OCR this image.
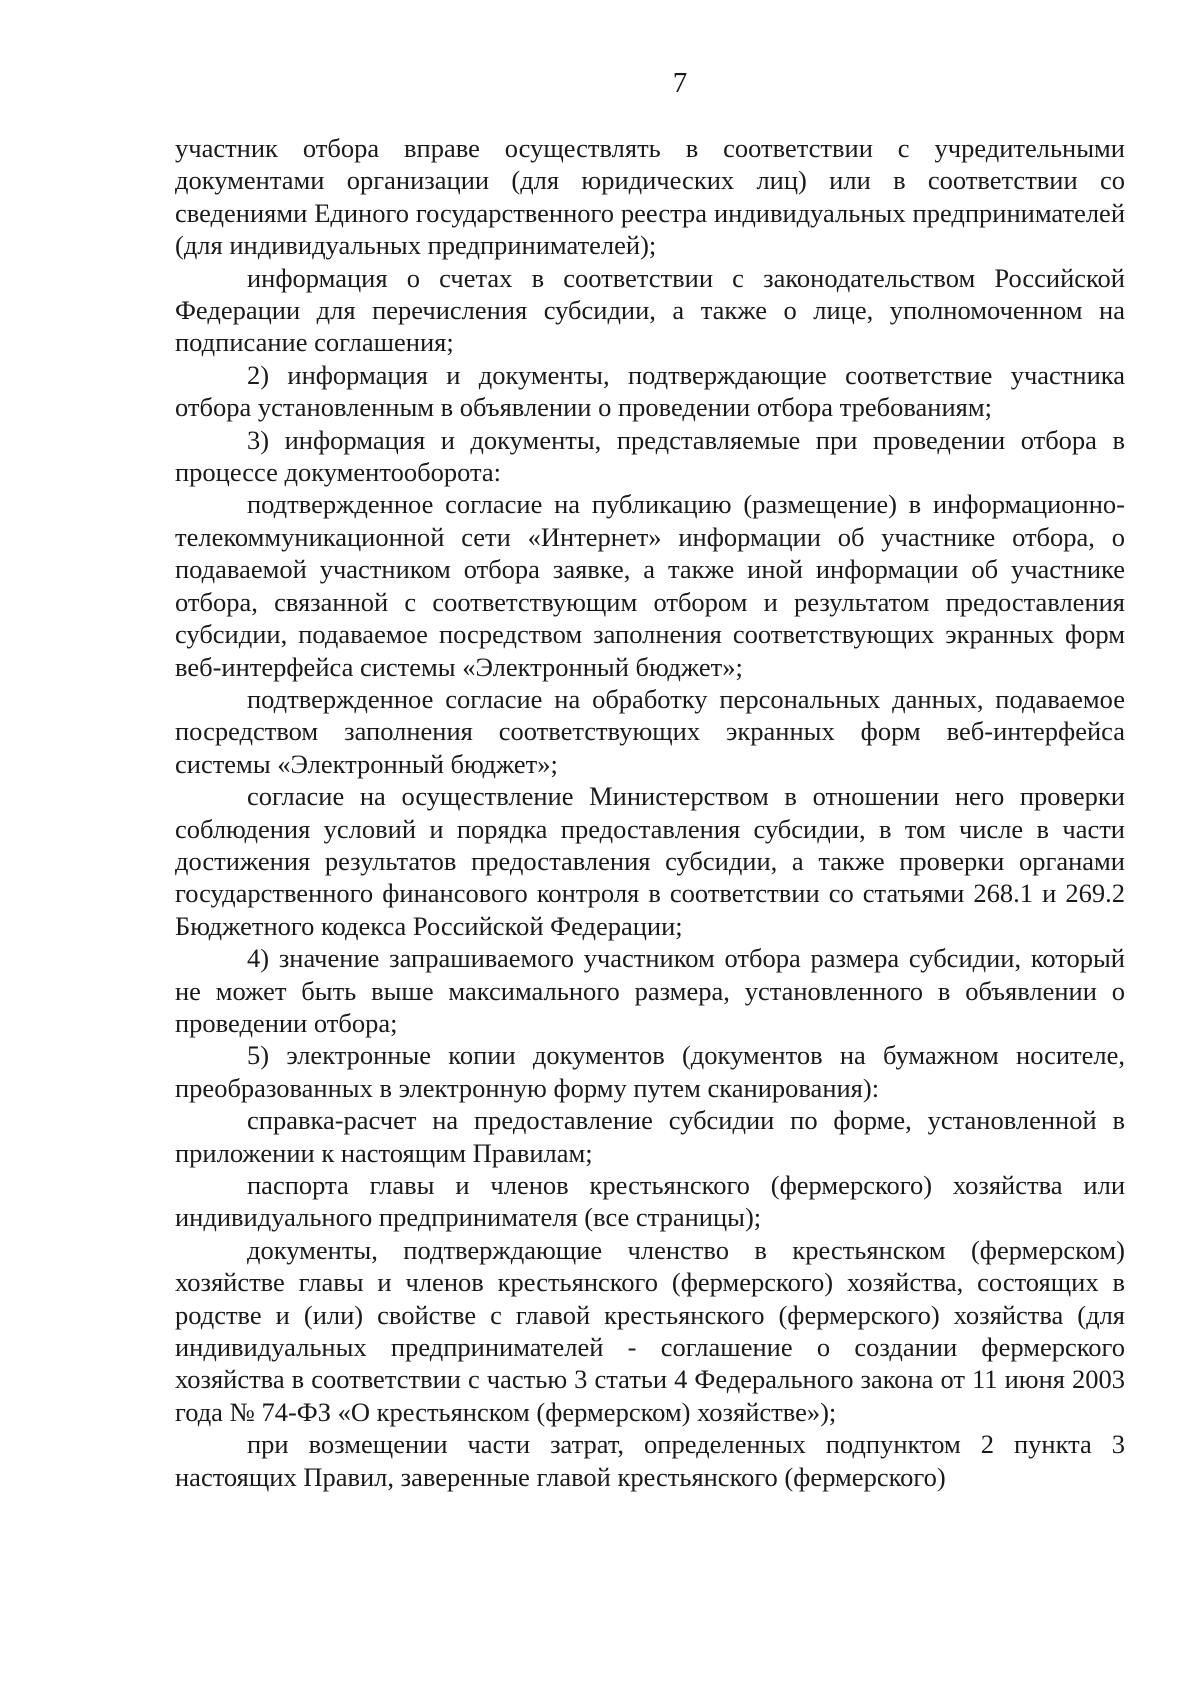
7

участник отбора вправе осуществлять в соответствии с учредительными документами организации (для юридических лиц) или в соответствии со сведениями Единого государственного реестра индивидуальных предпринимателей (для индивидуальных предпринимателей);

информация о счетах в соответствии с законодательством Российской Федерации для перечисления субсидии, а также о лице, уполномоченном на подписание соглашения;

2) информация и документы, подтверждающие соответствие участника отбора установленным в объявлении о проведении отбора требованиям;

3) информация и документы, представляемые при проведении отбора в процессе документооборота:

подтвержденное согласие на публикацию (размещение) в информационно-телекоммуникационной сети «Интернет» информации об участнике отбора, о подаваемой участником отбора заявке, а также иной информации об участнике отбора, связанной с соответствующим отбором и результатом предоставления субсидии, подаваемое посредством заполнения соответствующих экранных форм веб-интерфейса системы «Электронный бюджет»;

подтвержденное согласие на обработку персональных данных, подаваемое посредством заполнения соответствующих экранных форм веб-интерфейса системы «Электронный бюджет»;

согласие на осуществление Министерством в отношении него проверки соблюдения условий и порядка предоставления субсидии, в том числе в части достижения результатов предоставления субсидии, а также проверки органами государственного финансового контроля в соответствии со статьями 268.1 и 269.2 Бюджетного кодекса Российской Федерации;

4) значение запрашиваемого участником отбора размера субсидии, который не может быть выше максимального размера, установленного в объявлении о проведении отбора;

5) электронные копии документов (документов на бумажном носителе, преобразованных в электронную форму путем сканирования):

справка-расчет на предоставление субсидии по форме, установленной в приложении к настоящим Правилам;

паспорта главы и членов крестьянского (фермерского) хозяйства или индивидуального предпринимателя (все страницы);

документы, подтверждающие членство в крестьянском (фермерском) хозяйстве главы и членов крестьянского (фермерского) хозяйства, состоящих в родстве и (или) свойстве с главой крестьянского (фермерского) хозяйства (для индивидуальных предпринимателей - соглашение о создании фермерского хозяйства в соответствии с частью 3 статьи 4 Федерального закона от 11 июня 2003 года № 74-ФЗ «О крестьянском (фермерском) хозяйстве»);

при возмещении части затрат, определенных подпунктом 2 пункта 3 настоящих Правил, заверенные главой крестьянского (фермерского)
